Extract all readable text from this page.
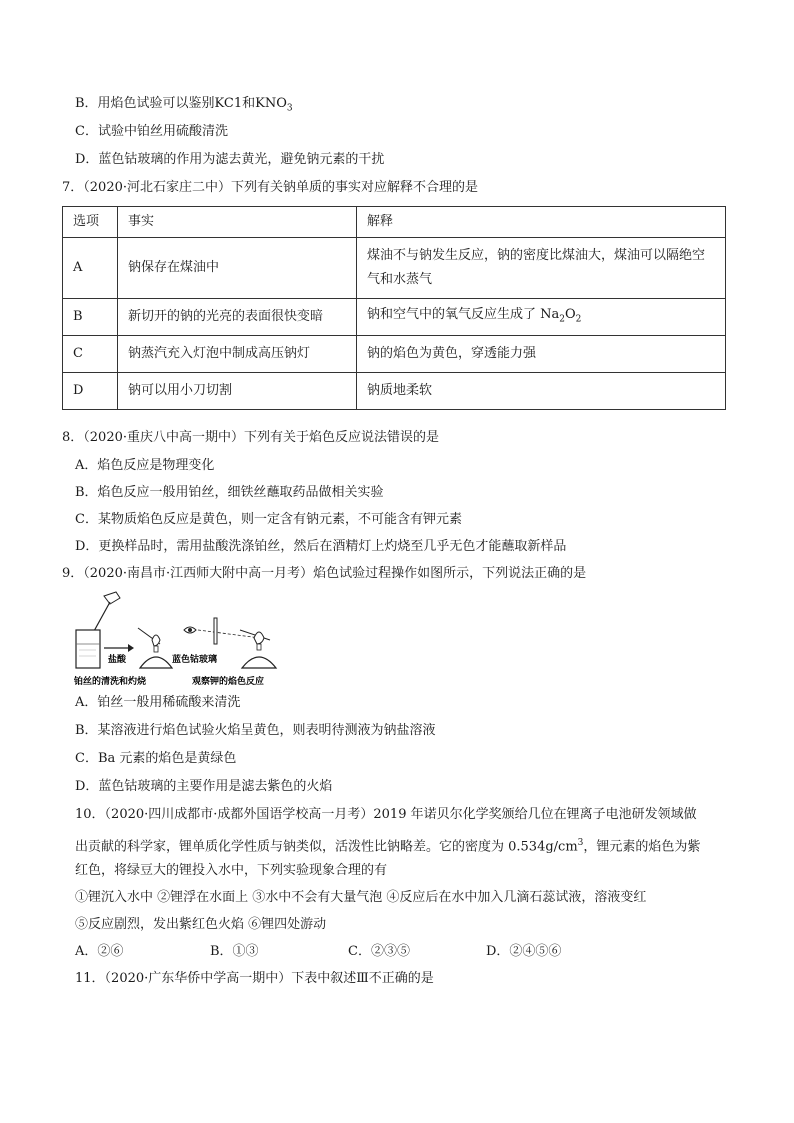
B．用焰色试验可以鉴别KC1和$KNO_3$
C．试验中铂丝用硫酸清洗
D．蓝色钴玻璃的作用为滤去黄光，避免钠元素的干扰
7．（2020·河北石家庄二中）下列有关钠单质的事实对应解释不合理的是
选项	事实	解释
A	钠保存在煤油中	煤油不与钠发生反应，钠的密度比煤油大，煤油可以隔绝空
气和水蒸气

B	新切开的钠的光亮的表面很快变暗	钠和空气中的氧气反应生成了 $Na_2O_2$
C	钠蒸汽充入灯泡中制成高压钠灯	钠的焰色为黄色，穿透能力强
D	钠可以用小刀切割	钠质地柔软
8．（2020·重庆八中高一期中）下列有关于焰色反应说法错误的是
A．焰色反应是物理变化
B．焰色反应一般用铂丝，细铁丝蘸取药品做相关实验
C．某物质焰色反应是黄色，则一定含有钠元素，不可能含有钾元素
D．更换样品时，需用盐酸洗涤铂丝，然后在酒精灯上灼烧至几乎无色才能蘸取新样品
9．（2020·南昌市·江西师大附中高一月考）焰色试验过程操作如图所示，下列说法正确的是
盐酸	蓝色钴玻璃
铂丝的清洗和灼烧	观察钾的焰色反应
A．铂丝一般用稀硫酸来清洗
B．某溶液进行焰色试验火焰呈黄色，则表明待测液为钠盐溶液
C．Ba 元素的焰色是黄绿色
D．蓝色钴玻璃的主要作用是滤去紫色的火焰
10．（2020·四川成都市·成都外国语学校高一月考）2019 年诺贝尔化学奖颁给几位在锂离子电池研发领域做
出贡献的科学家，锂单质化学性质与钠类似，活泼性比钠略差。它的密度为 $0.534g/cm^3$，锂元素的焰色为紫
红色，将绿豆大的锂投入水中，下列实验现象合理的有
①锂沉入水中 ②锂浮在水面上 ③水中不会有大量气泡 ④反应后在水中加入几滴石蕊试液，溶液变红
⑤反应剧烈，发出紫红色火焰 ⑥锂四处游动
A．②⑥	B．①③	C．②③⑤	D．②④⑤⑥
11．（2020·广东华侨中学高一期中）下表中叙述Ⅲ不正确的是
